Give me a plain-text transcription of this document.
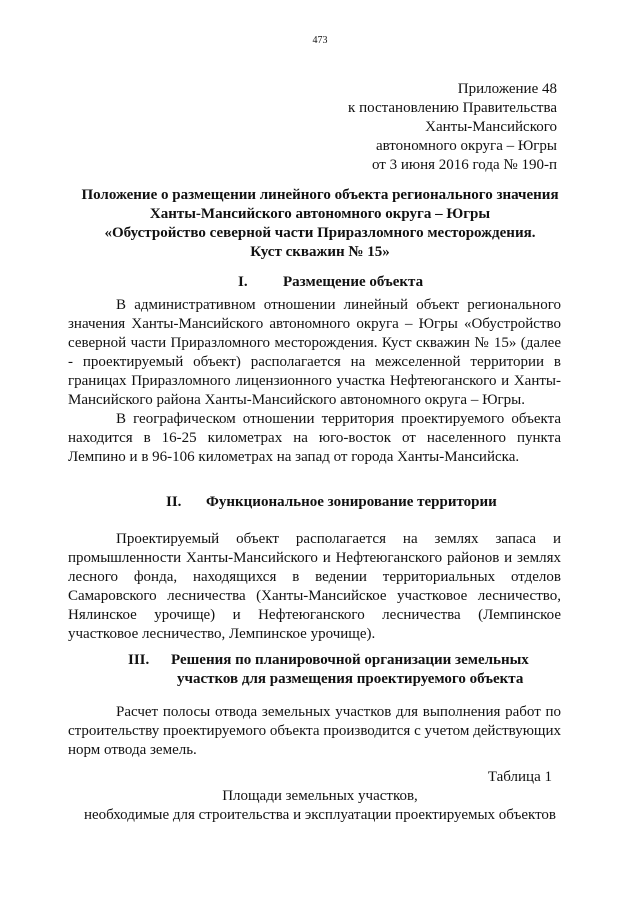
473
Приложение 48
к постановлению Правительства
Ханты-Мансийского
автономного округа – Югры
от 3 июня 2016 года № 190-п
Положение о размещении линейного объекта регионального значения
Ханты-Мансийского автономного округа – Югры
«Обустройство северной части Приразломного месторождения.
Куст скважин № 15»
I. Размещение объекта

В административном отношении линейный объект регионального значения Ханты-Мансийского автономного округа – Югры «Обустройство северной части Приразломного месторождения. Куст скважин № 15» (далее - проектируемый объект) располагается на межселенной территории в границах Приразломного лицензионного участка Нефтеюганского и Ханты-Мансийского района Ханты-Мансийского автономного округа – Югры.

В географическом отношении территория проектируемого объекта находится в 16-25 километрах на юго-восток от населенного пункта Лемпино и в 96-106 километрах на запад от города Ханты-Мансийска.

II. Функциональное зонирование территории

Проектируемый объект располагается на землях запаса и промышленности Ханты-Мансийского и Нефтеюганского районов и землях лесного фонда, находящихся в ведении территориальных отделов Самаровского лесничества (Ханты-Мансийское участковое лесничество, Нялинское урочище) и Нефтеюганского лесничества (Лемпинское участковое лесничество, Лемпинское урочище).

III. Решения по планировочной организации земельных
участков для размещения проектируемого объекта

Расчет полосы отвода земельных участков для выполнения работ по строительству проектируемого объекта производится с учетом действующих норм отвода земель.

Таблица 1
Площади земельных участков,
необходимые для строительства и эксплуатации проектируемых объектов
